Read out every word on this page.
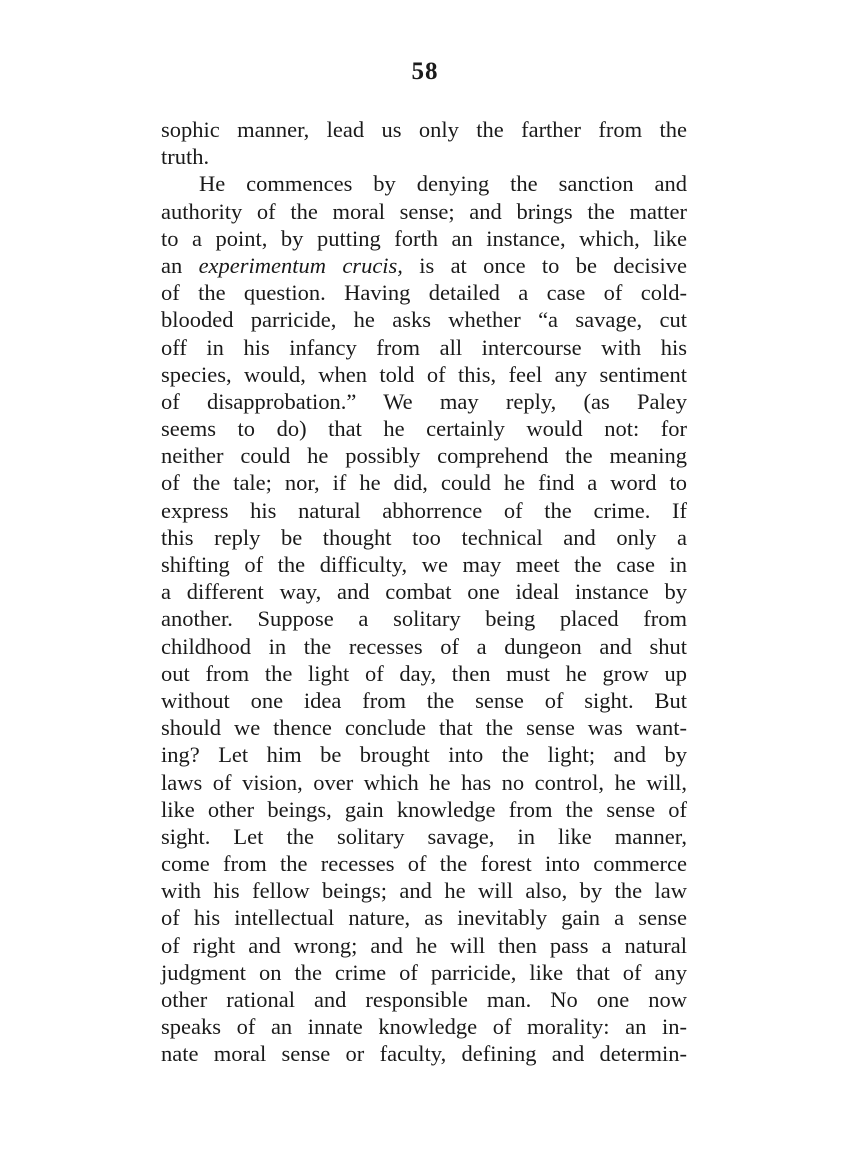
58
sophic manner, lead us only the farther from the
truth.
He commences by denying the sanction and
authority of the moral sense; and brings the matter
to a point, by putting forth an instance, which, like
an experimentum crucis, is at once to be decisive
of the question. Having detailed a case of cold-
blooded parricide, he asks whether “a savage, cut
off in his infancy from all intercourse with his
species, would, when told of this, feel any sentiment
of disapprobation.” We may reply, (as Paley
seems to do) that he certainly would not: for
neither could he possibly comprehend the meaning
of the tale; nor, if he did, could he find a word to
express his natural abhorrence of the crime. If
this reply be thought too technical and only a
shifting of the difficulty, we may meet the case in
a different way, and combat one ideal instance by
another. Suppose a solitary being placed from
childhood in the recesses of a dungeon and shut
out from the light of day, then must he grow up
without one idea from the sense of sight. But
should we thence conclude that the sense was want-
ing? Let him be brought into the light; and by
laws of vision, over which he has no control, he will,
like other beings, gain knowledge from the sense of
sight. Let the solitary savage, in like manner,
come from the recesses of the forest into commerce
with his fellow beings; and he will also, by the law
of his intellectual nature, as inevitably gain a sense
of right and wrong; and he will then pass a natural
judgment on the crime of parricide, like that of any
other rational and responsible man. No one now
speaks of an innate knowledge of morality: an in-
nate moral sense or faculty, defining and determin-
